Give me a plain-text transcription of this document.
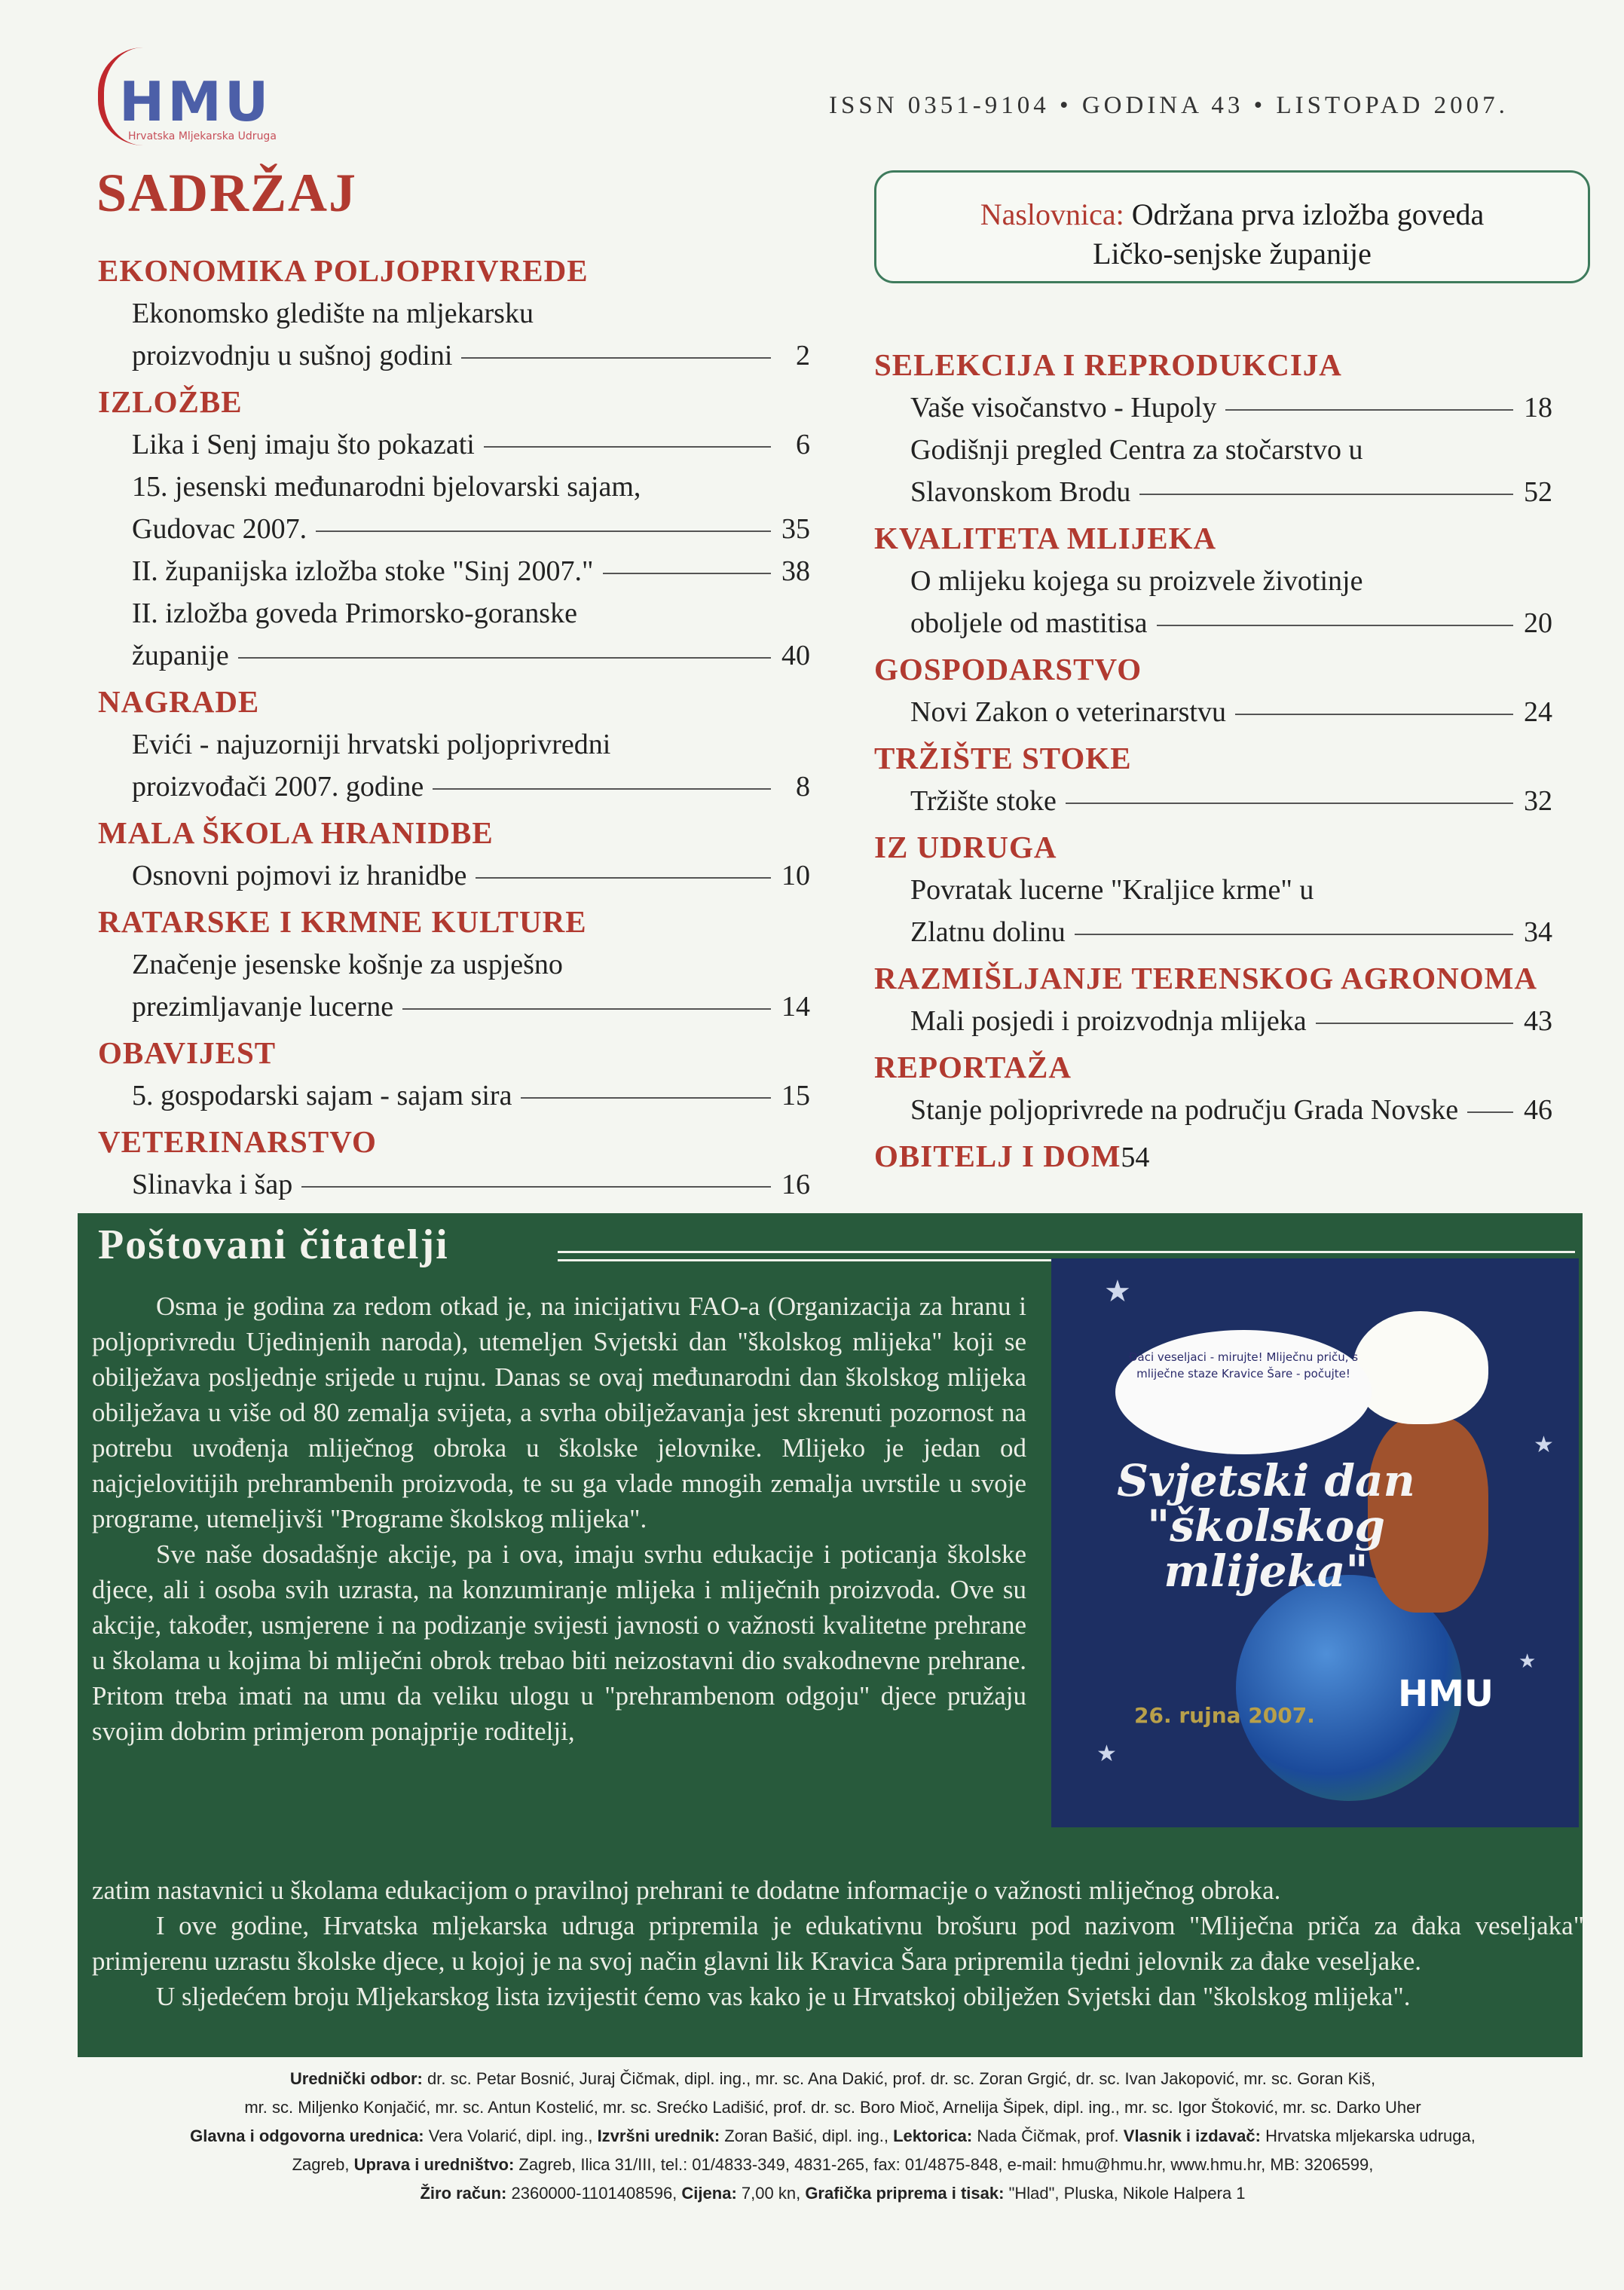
HMU
Hrvatska Mljekarska Udruga
ISSN 0351-9104 • GODINA 43 • LISTOPAD 2007.
SADRŽAJ	Naslovnica: Održana prva izložba goveda
Ličko-senjske županije
EKONOMIKA POLJOPRIVREDE
Ekonomsko gledište na mljekarsku
proizvodnju u sušnoj godini	2
IZLOŽBE
Lika i Senj imaju što pokazati	6
15. jesenski međunarodni bjelovarski sajam,
Gudovac 2007.	35
II. županijska izložba stoke "Sinj 2007."	38
II. izložba goveda Primorsko-goranske
županije	40
NAGRADE
Evići - najuzorniji hrvatski poljoprivredni
proizvođači 2007. godine	8
MALA ŠKOLA HRANIDBE
Osnovni pojmovi iz hranidbe	10
RATARSKE I KRMNE KULTURE
Značenje jesenske košnje za uspješno
prezimljavanje lucerne	14
OBAVIJEST
5. gospodarski sajam - sajam sira	15
VETERINARSTVO
Slinavka i šap	16
SELEKCIJA I REPRODUKCIJA
Vaše visočanstvo - Hupoly	18
Godišnji pregled Centra za stočarstvo u
Slavonskom Brodu	52
KVALITETA MLIJEKA
O mlijeku kojega su proizvele životinje
oboljele od mastitisa	20
GOSPODARSTVO
Novi Zakon o veterinarstvu	24
TRŽIŠTE STOKE
Tržište stoke	32
IZ UDRUGA
Povratak lucerne "Kraljice krme" u
Zlatnu dolinu	34
RAZMIŠLJANJE TERENSKOG AGRONOMA
Mali posjedi i proizvodnja mlijeka	43
REPORTAŽA
Stanje poljoprivrede na području Grada Novske 46
OBITELJ I DOM 54
Poštovani čitatelji

Osma je godina za redom otkad je, na inicijativu FAO-a (Organizacija za hranu i poljoprivredu Ujedinjenih naroda), utemeljen Svjetski dan "školskog mlijeka" koji se obilježava posljednje srijede u rujnu. Danas se ovaj međunarodni dan školskog mlijeka obilježava u više od 80 zemalja svijeta, a svrha obilježavanja jest skrenuti pozornost na potrebu uvođenja mliječnog obroka u školske jelovnike. Mlijeko je jedan od najcjelovitijih prehrambenih proizvoda, te su ga vlade mnogih zemalja uvrstile u svoje programe, utemeljivši "Programe školskog mlijeka".

Sve naše dosadašnje akcije, pa i ova, imaju svrhu edukacije i poticanja školske djece, ali i osoba svih uzrasta, na konzumiranje mlijeka i mliječnih proizvoda. Ove su akcije, također, usmjerene i na podizanje svijesti javnosti o važnosti kvalitetne prehrane u školama u kojima bi mliječni obrok trebao biti neizostavni dio svakodnevne prehrane. Pritom treba imati na umu da veliku ulogu u "prehrambenom odgoju" djece pružaju svojim dobrim primjerom ponajprije roditelji,

zatim nastavnici u školama edukacijom o pravilnoj prehrani te dodatne informacije o važnosti mliječnog obroka.

I ove godine, Hrvatska mljekarska udruga pripremila je edukativnu brošuru pod nazivom "Mliječna priča za đaka veseljaka" primjerenu uzrastu školske djece, u kojoj je na svoj način glavni lik Kravica Šara pripremila tjedni jelovnik za đake veseljake.

U sljedećem broju Mljekarskog lista izvijestit ćemo vas kako je u Hrvatskoj obilježen Svjetski dan "školskog mlijeka".

★
★
★
★
Đaci veseljaci - mirujte! Mliječnu priču, s mliječne staze Kravice Šare - počujte!
Svjetski dan "školskog mlijeka"
26. rujna 2007.
HMU
Urednički odbor: dr. sc. Petar Bosnić, Juraj Čičmak, dipl. ing., mr. sc. Ana Dakić, prof. dr. sc. Zoran Grgić, dr. sc. Ivan Jakopović, mr. sc. Goran Kiš,
mr. sc. Miljenko Konjačić, mr. sc. Antun Kostelić, mr. sc. Srećko Ladišić, prof. dr. sc. Boro Mioč, Arnelija Šipek, dipl. ing., mr. sc. Igor Štoković, mr. sc. Darko Uher
Glavna i odgovorna urednica: Vera Volarić, dipl. ing., Izvršni urednik: Zoran Bašić, dipl. ing., Lektorica: Nada Čičmak, prof. Vlasnik i izdavač: Hrvatska mljekarska udruga,
Zagreb, Uprava i uredništvo: Zagreb, Ilica 31/III, tel.: 01/4833-349, 4831-265, fax: 01/4875-848, e-mail: hmu@hmu.hr, www.hmu.hr, MB: 3206599,
Žiro račun: 2360000-1101408596, Cijena: 7,00 kn, Grafička priprema i tisak: "Hlad", Pluska, Nikole Halpera 1
